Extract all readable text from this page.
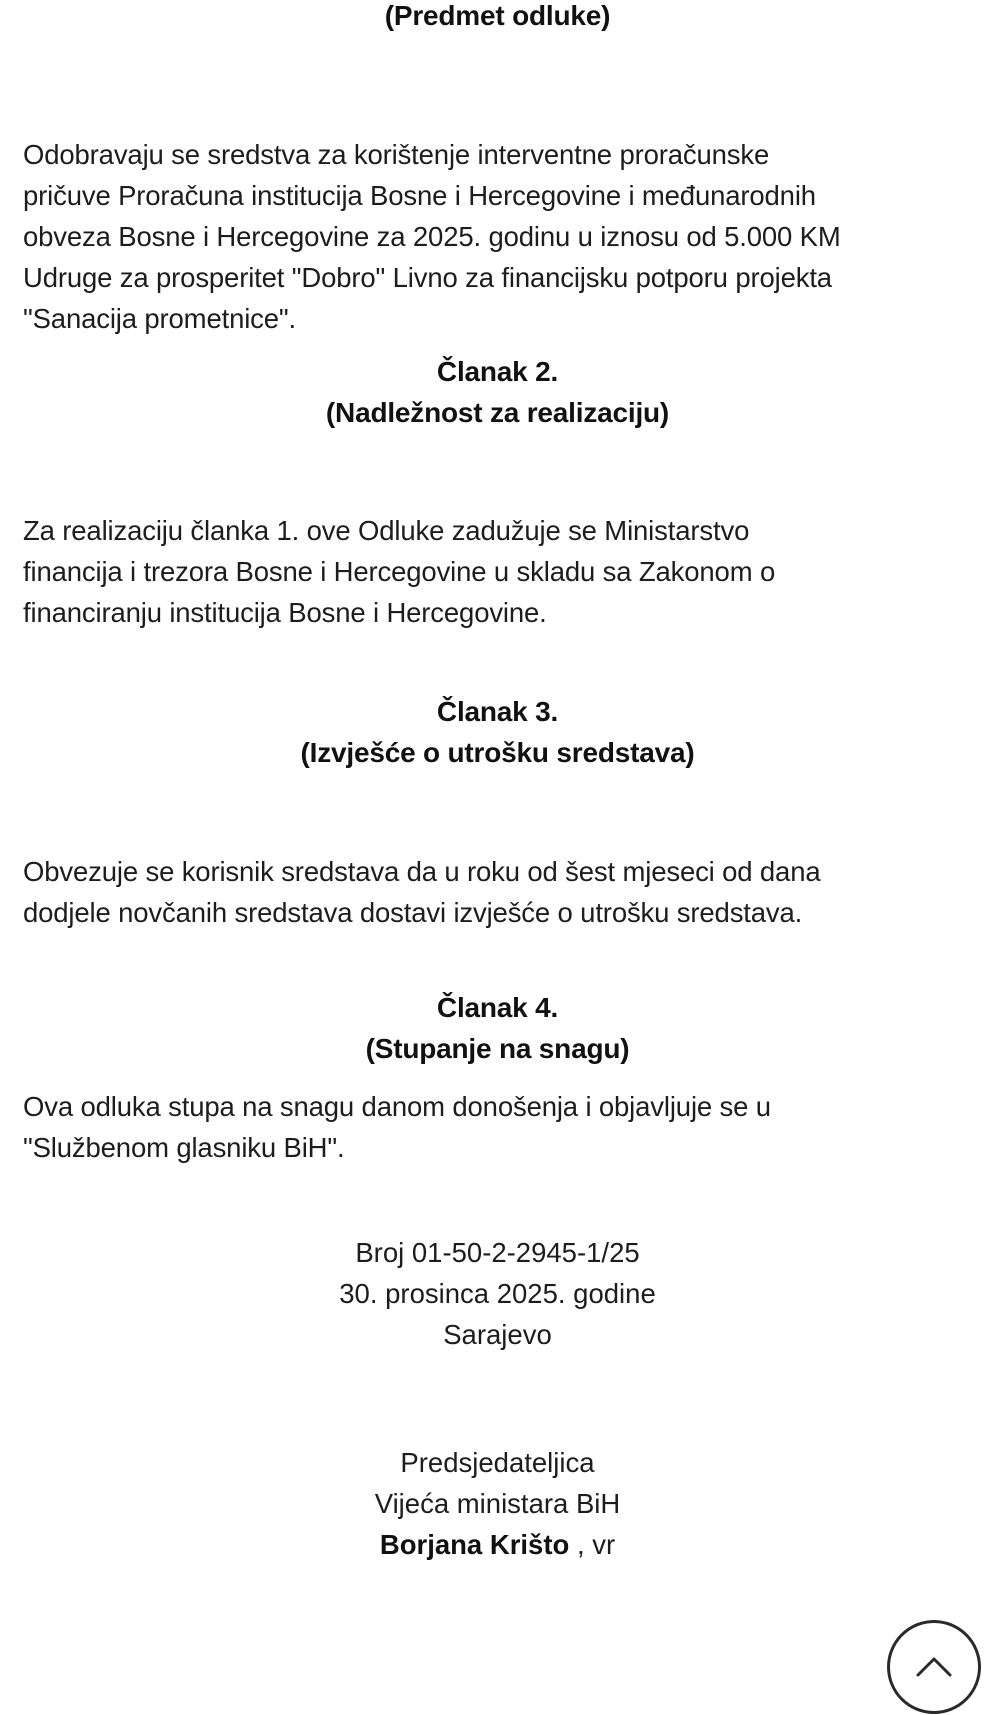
(Predmet odluke)
Odobravaju se sredstva za korištenje interventne proračunske
pričuve Proračuna institucija Bosne i Hercegovine i međunarodnih
obveza Bosne i Hercegovine za 2025. godinu u iznosu od 5.000 KM
Udruge za prosperitet "Dobro" Livno za financijsku potporu projekta
"Sanacija prometnice".
Članak 2.
(Nadležnost za realizaciju)
Za realizaciju članka 1. ove Odluke zadužuje se Ministarstvo
financija i trezora Bosne i Hercegovine u skladu sa Zakonom o
financiranju institucija Bosne i Hercegovine.
Članak 3.
(Izvješće o utrošku sredstava)
Obvezuje se korisnik sredstava da u roku od šest mjeseci od dana
dodjele novčanih sredstava dostavi izvješće o utrošku sredstava.
Članak 4.
(Stupanje na snagu)
Ova odluka stupa na snagu danom donošenja i objavljuje se u
"Službenom glasniku BiH".
Broj 01-50-2-2945-1/25
30. prosinca 2025. godine
Sarajevo
Predsjedateljica
Vijeća ministara BiH
Borjana Krišto , vr
